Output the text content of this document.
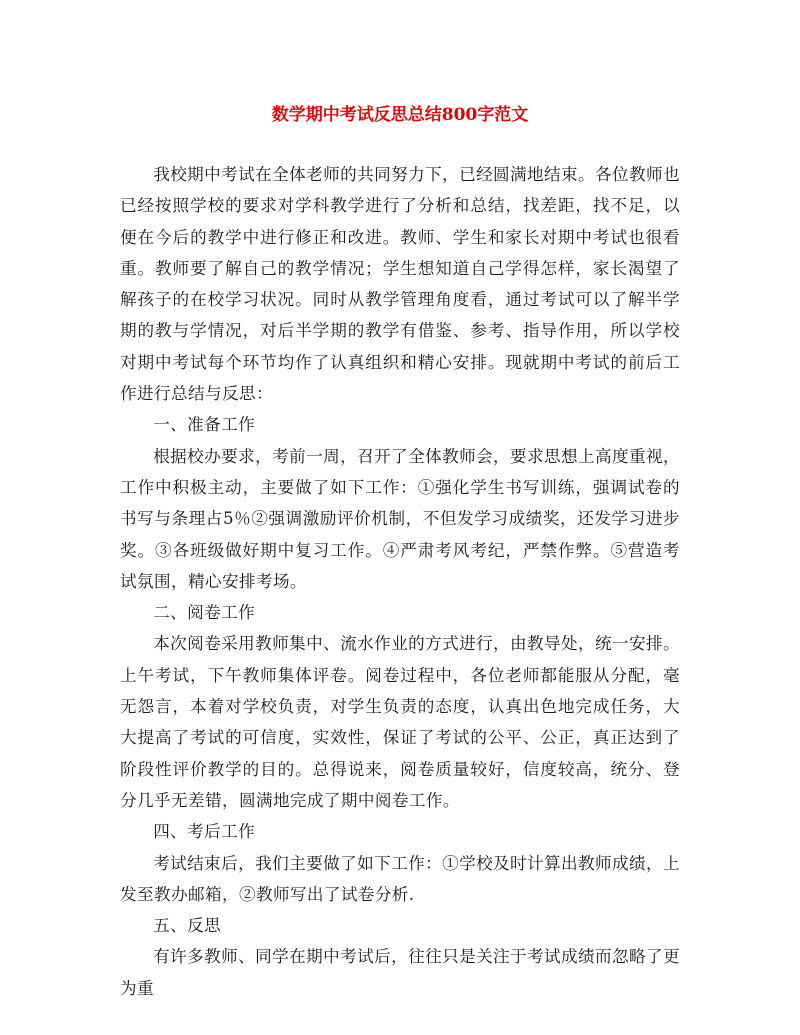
数学期中考试反思总结800字范文

我校期中考试在全体老师的共同努力下，已经圆满地结束。各位教师也已经按照学校的要求对学科教学进行了分析和总结，找差距，找不足，以便在今后的教学中进行修正和改进。教师、学生和家长对期中考试也很看重。教师要了解自己的教学情况；学生想知道自己学得怎样，家长渴望了解孩子的在校学习状况。同时从教学管理角度看，通过考试可以了解半学期的教与学情况，对后半学期的教学有借鉴、参考、指导作用，所以学校对期中考试每个环节均作了认真组织和精心安排。现就期中考试的前后工作进行总结与反思：

一、准备工作

根据校办要求，考前一周，召开了全体教师会，要求思想上高度重视，工作中积极主动，主要做了如下工作：①强化学生书写训练，强调试卷的书写与条理占5％②强调激励评价机制，不但发学习成绩奖，还发学习进步奖。③各班级做好期中复习工作。④严肃考风考纪，严禁作弊。⑤营造考试氛围，精心安排考场。

二、阅卷工作

本次阅卷采用教师集中、流水作业的方式进行，由教导处，统一安排。上午考试，下午教师集体评卷。阅卷过程中，各位老师都能服从分配，毫无怨言，本着对学校负责，对学生负责的态度，认真出色地完成任务，大大提高了考试的可信度，实效性，保证了考试的公平、公正，真正达到了阶段性评价教学的目的。总得说来，阅卷质量较好，信度较高，统分、登分几乎无差错，圆满地完成了期中阅卷工作。

四、考后工作

考试结束后，我们主要做了如下工作：①学校及时计算出教师成绩，上发至教办邮箱，②教师写出了试卷分析.

五、反思

有许多教师、同学在期中考试后，往往只是关注于考试成绩而忽略了更为重
